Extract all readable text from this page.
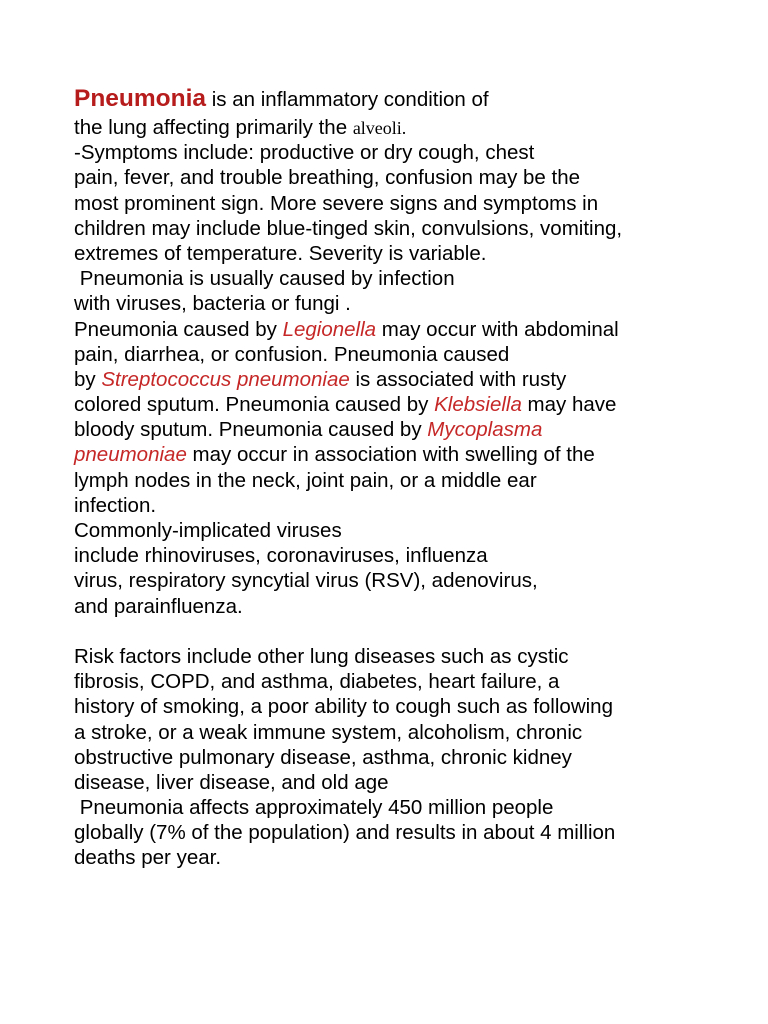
Pneumonia is an inflammatory condition of
the lung affecting primarily the alveoli.
-Symptoms include: productive or dry cough, chest
pain, fever, and trouble breathing, confusion may be the
most prominent sign. More severe signs and symptoms in
children may include blue-tinged skin, convulsions, vomiting,
extremes of temperature. Severity is variable.
Pneumonia is usually caused by infection
with viruses, bacteria or fungi .
Pneumonia caused by Legionella may occur with abdominal
pain, diarrhea, or confusion. Pneumonia caused
by Streptococcus pneumoniae is associated with rusty
colored sputum. Pneumonia caused by Klebsiella may have
bloody sputum. Pneumonia caused by Mycoplasma
pneumoniae may occur in association with swelling of the
lymph nodes in the neck, joint pain, or a middle ear
infection.
Commonly-implicated viruses
include rhinoviruses, coronaviruses, influenza
virus, respiratory syncytial virus (RSV), adenovirus,
and parainfluenza.
Risk factors include other lung diseases such as cystic
fibrosis, COPD, and asthma, diabetes, heart failure, a
history of smoking, a poor ability to cough such as following
a stroke, or a weak immune system, alcoholism, chronic
obstructive pulmonary disease, asthma, chronic kidney
disease, liver disease, and old age
Pneumonia affects approximately 450 million people
globally (7% of the population) and results in about 4 million
deaths per year.
